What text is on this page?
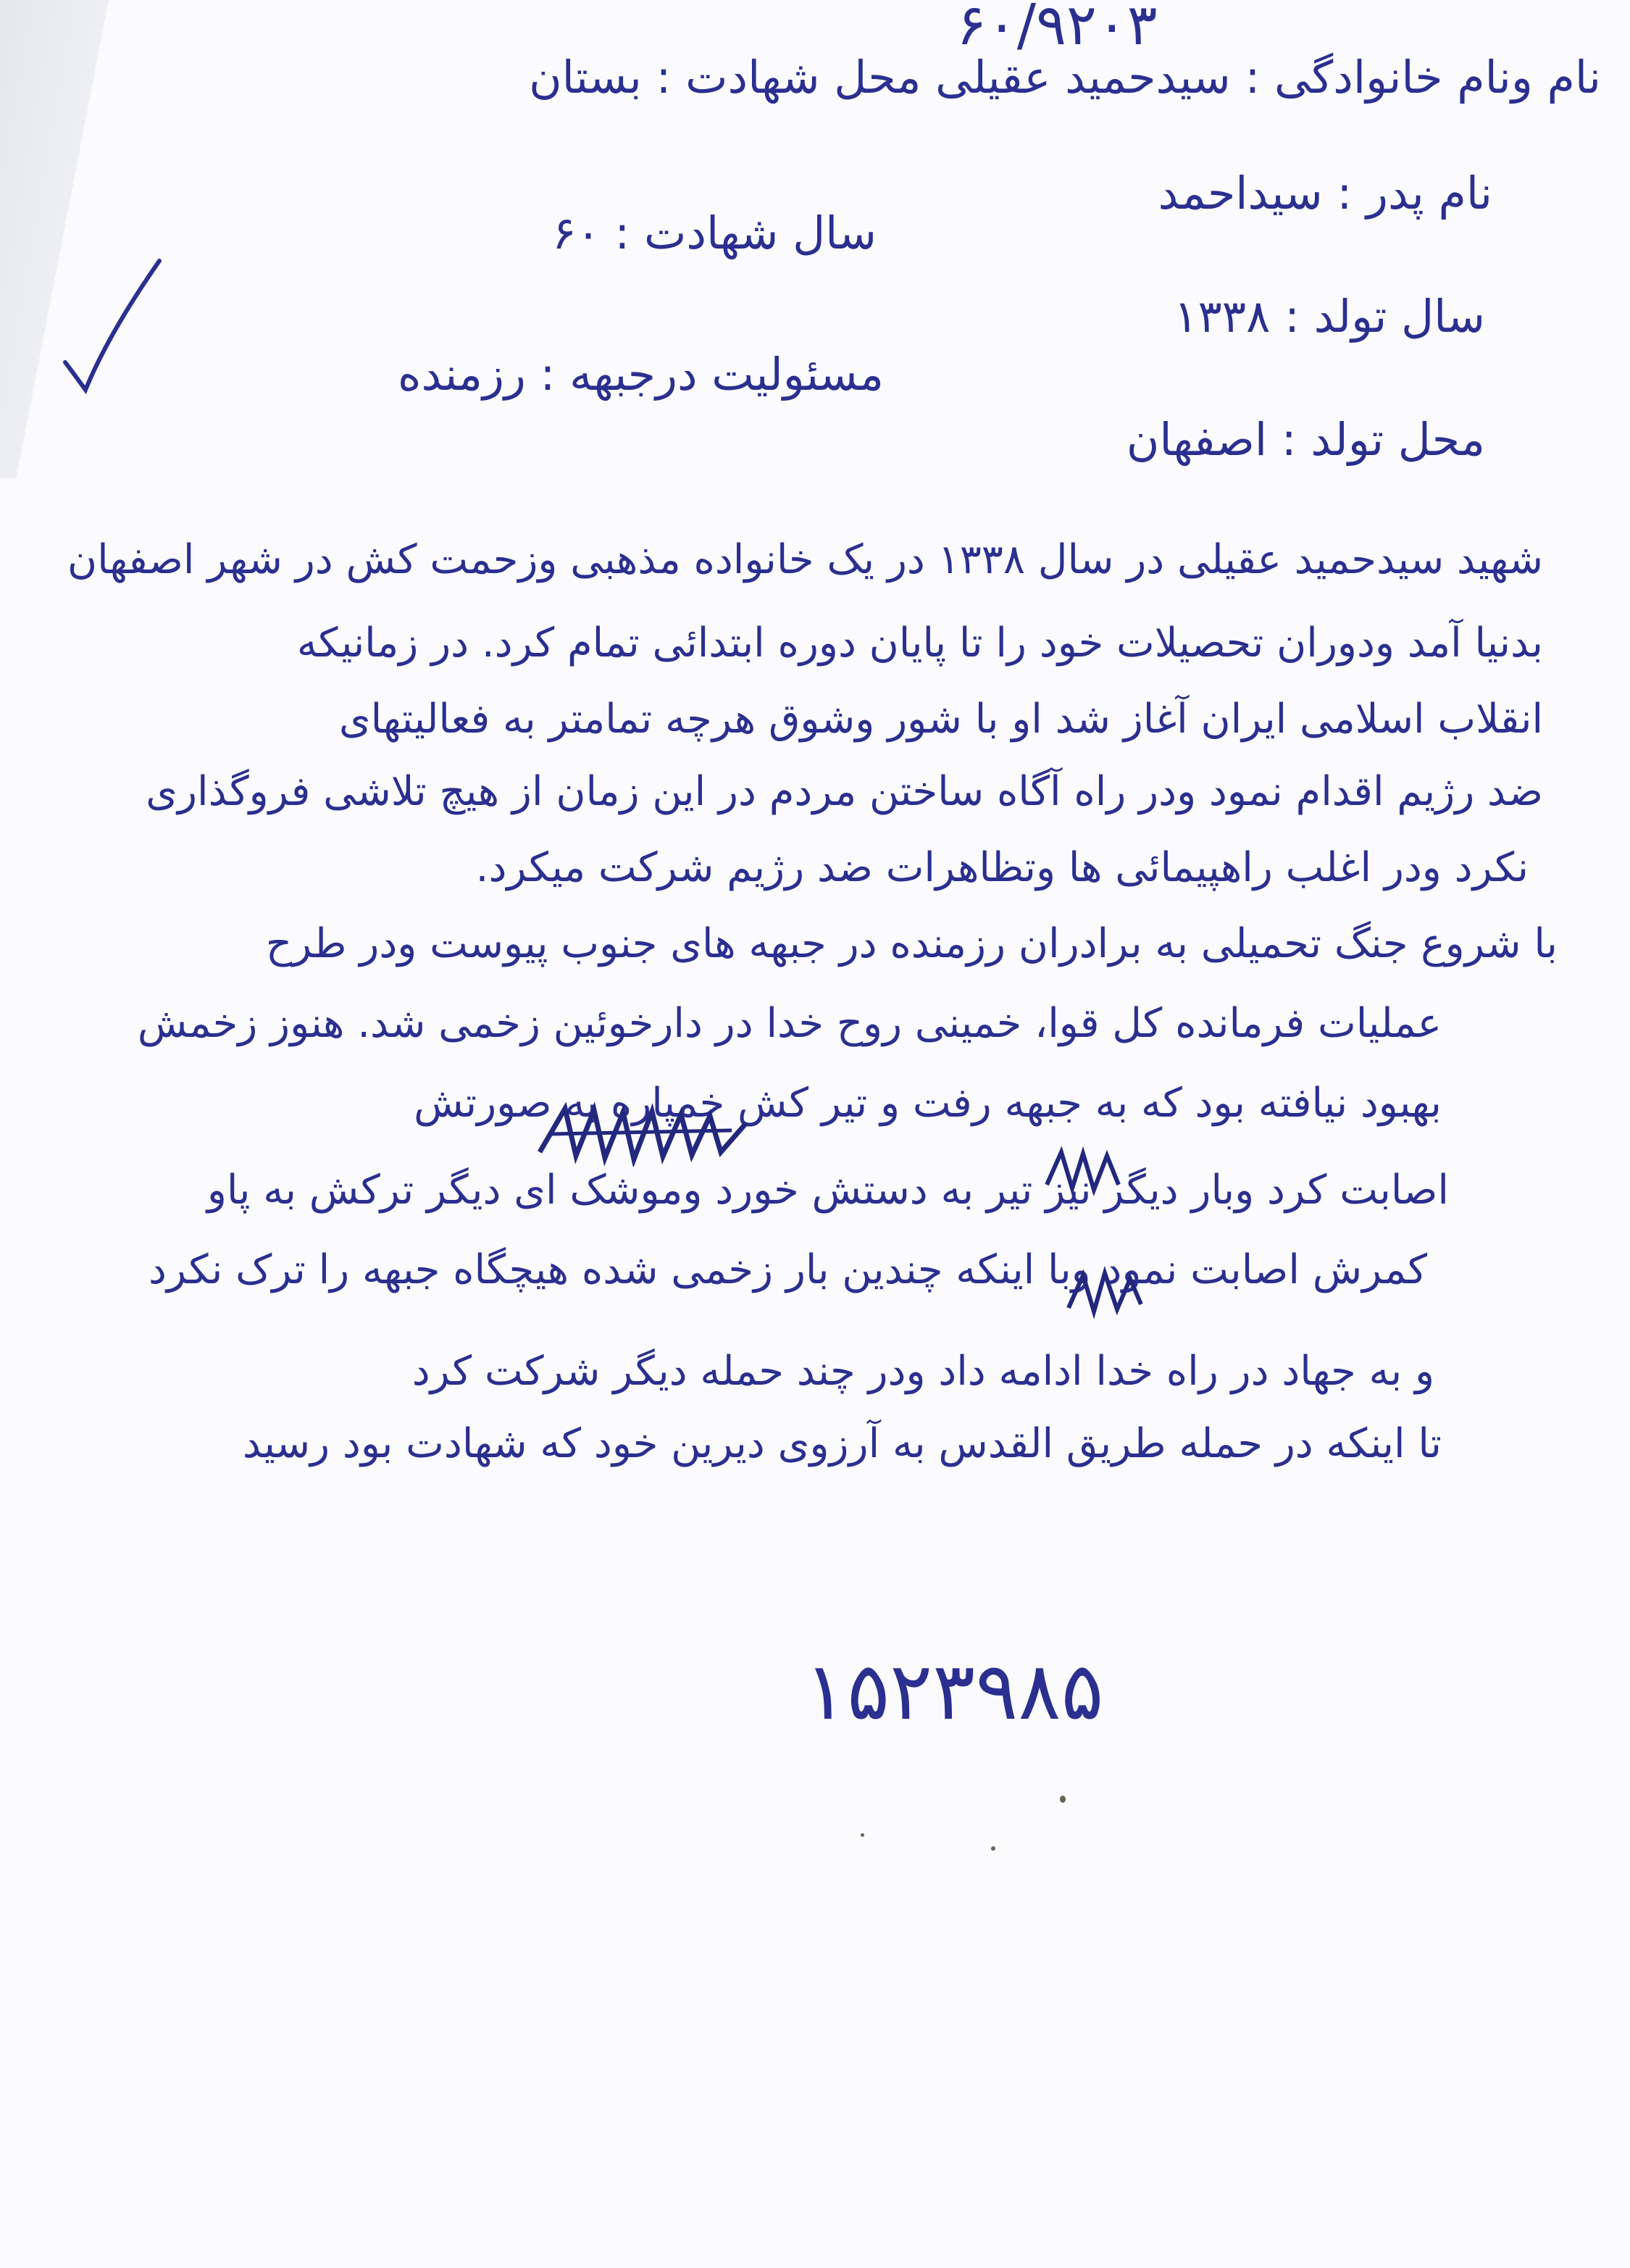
۶۰/۹۲۰۳
نام ونام خانوادگی : سیدحمید عقیلی محل شهادت : بستان
نام پدر : سیداحمد
سال شهادت : ۶۰
سال تولد : ۱۳۳۸
مسئولیت درجبهه : رزمنده
محل تولد : اصفهان
شهید سیدحمید عقیلی در سال ۱۳۳۸ در یک خانواده مذهبی وزحمت کش در شهر اصفهان
بدنیا آمد ودوران تحصیلات خود را تا پایان دوره ابتدائی تمام کرد. در زمانیکه
انقلاب اسلامی ایران آغاز شد او با شور وشوق هرچه تمامتر به فعالیتهای
ضد رژیم اقدام نمود ودر راه آگاه ساختن مردم در این زمان از هیچ تلاشی فروگذاری
نکرد ودر اغلب راهپیمائی ها وتظاهرات ضد رژیم شرکت میکرد.
با شروع جنگ تحمیلی به برادران رزمنده در جبهه های جنوب پیوست ودر طرح
عملیات فرمانده کل قوا، خمینی روح خدا در دارخوئین زخمی شد. هنوز زخمش
بهبود نیافته بود که به جبهه رفت و تیر کش خمپاره به صورتش
اصابت کرد وبار دیگر نیز تیر به دستش خورد وموشک ای دیگر ترکش به پاو
کمرش اصابت نمود وبا اینکه چندین بار زخمی شده هیچگاه جبهه را ترک نکرد
و به جهاد در راه خدا ادامه داد ودر چند حمله دیگر شرکت کرد
تا اینکه در حمله طریق القدس به آرزوی دیرین خود که شهادت بود رسید
۱۵۲۳۹۸۵
